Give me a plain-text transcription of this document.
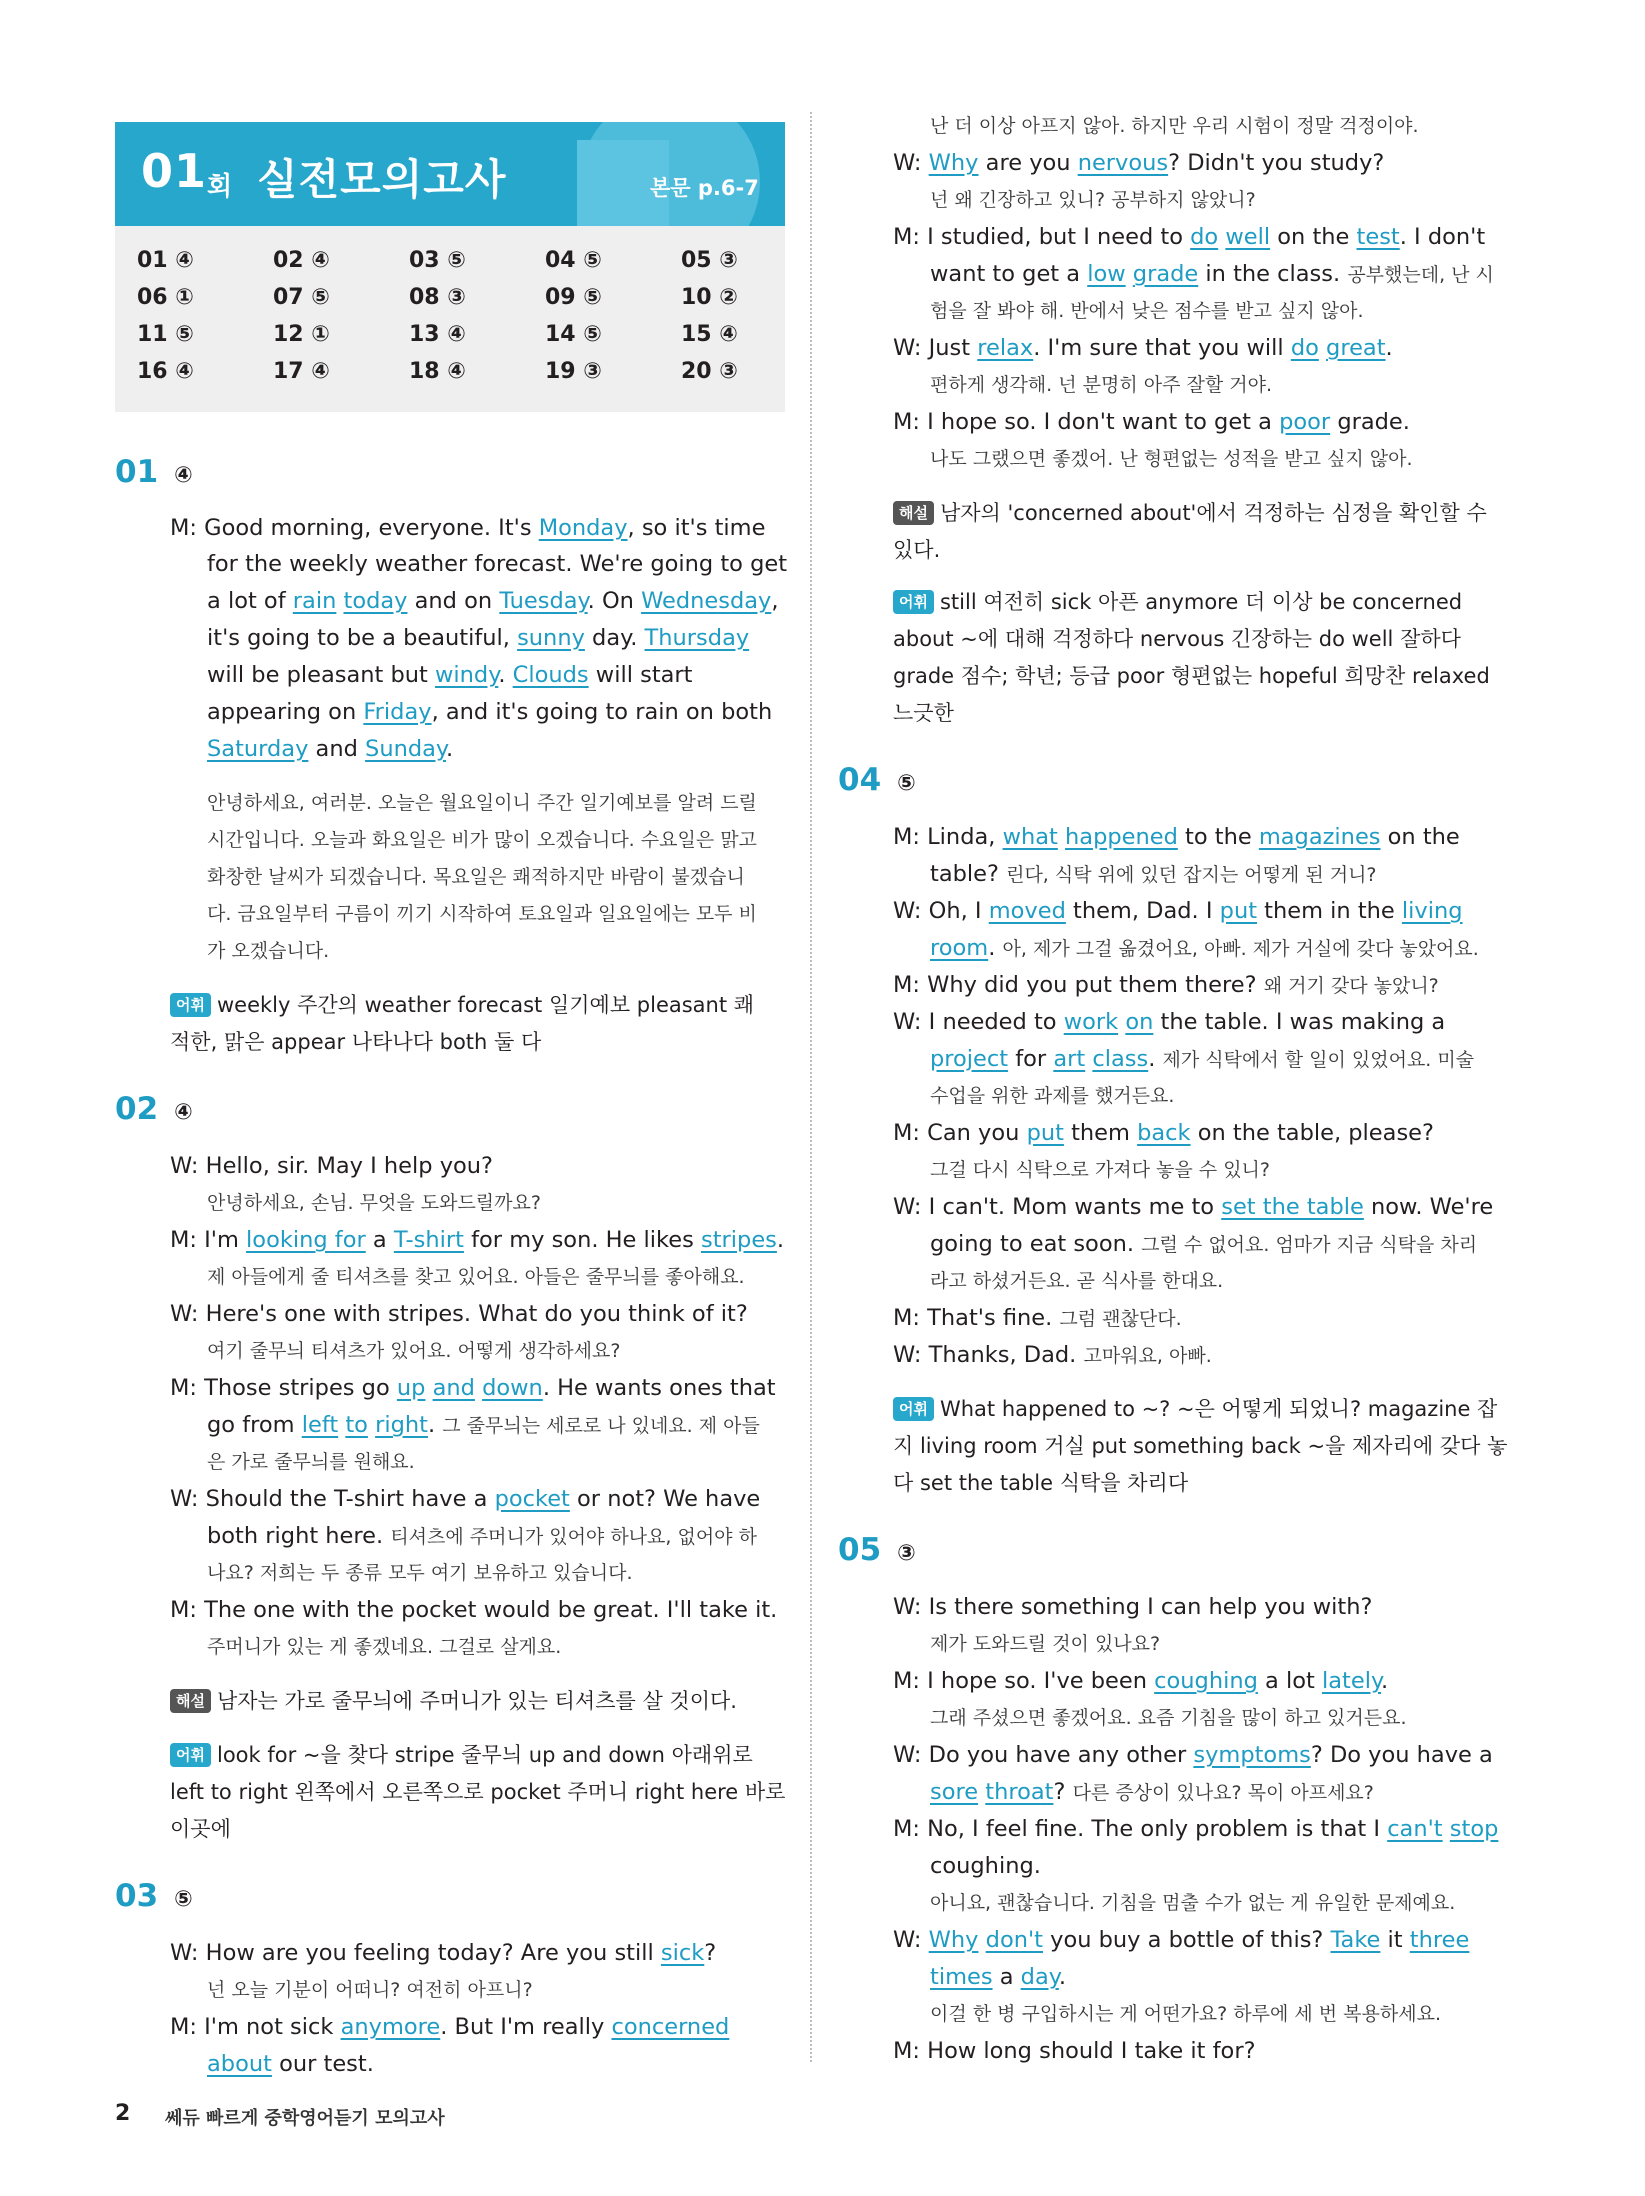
01 회 실전모의고사	본문 p.6-7
01 ④	02 ④	03 ⑤	04 ⑤	05 ③
06 ①	07 ⑤	08 ③	09 ⑤	10 ②
11 ⑤	12 ①	13 ④	14 ⑤	15 ④
16 ④	17 ④	18 ④	19 ③	20 ③
01 ④
M: Good morning, everyone. It's Monday, so it's time
for the weekly weather forecast. We're going to get
a lot of rain today and on Tuesday. On Wednesday,
it's going to be a beautiful, sunny day. Thursday
will be pleasant but windy. Clouds will start
appearing on Friday, and it's going to rain on both
Saturday and Sunday.
안녕하세요, 여러분. 오늘은 월요일이니 주간 일기예보를 알려 드릴
시간입니다. 오늘과 화요일은 비가 많이 오겠습니다. 수요일은 맑고
화창한 날씨가 되겠습니다. 목요일은 쾌적하지만 바람이 불겠습니
다. 금요일부터 구름이 끼기 시작하여 토요일과 일요일에는 모두 비
가 오겠습니다.
어휘 weekly 주간의 weather forecast 일기예보 pleasant 쾌
적한, 맑은 appear 나타나다 both 둘 다
02 ④
W: Hello, sir. May I help you?
안녕하세요, 손님. 무엇을 도와드릴까요?
M: I'm looking for a T-shirt for my son. He likes stripes.
제 아들에게 줄 티셔츠를 찾고 있어요. 아들은 줄무늬를 좋아해요.
W: Here's one with stripes. What do you think of it?
여기 줄무늬 티셔츠가 있어요. 어떻게 생각하세요?
M: Those stripes go up and down. He wants ones that
go from left to right. 그 줄무늬는 세로로 나 있네요. 제 아들
은 가로 줄무늬를 원해요.
W: Should the T-shirt have a pocket or not? We have
both right here. 티셔츠에 주머니가 있어야 하나요, 없어야 하
나요? 저희는 두 종류 모두 여기 보유하고 있습니다.
M: The one with the pocket would be great. I'll take it.
주머니가 있는 게 좋겠네요. 그걸로 살게요.
해설 남자는 가로 줄무늬에 주머니가 있는 티셔츠를 살 것이다.
어휘 look for ~을 찾다 stripe 줄무늬 up and down 아래위로
left to right 왼쪽에서 오른쪽으로 pocket 주머니 right here 바로
이곳에
03 ⑤
W: How are you feeling today? Are you still sick?
넌 오늘 기분이 어떠니? 여전히 아프니?
M: I'm not sick anymore. But I'm really concerned
about our test.
난 더 이상 아프지 않아. 하지만 우리 시험이 정말 걱정이야.
W: Why are you nervous? Didn't you study?
넌 왜 긴장하고 있니? 공부하지 않았니?
M: I studied, but I need to do well on the test. I don't
want to get a low grade in the class. 공부했는데, 난 시
험을 잘 봐야 해. 반에서 낮은 점수를 받고 싶지 않아.
W: Just relax. I'm sure that you will do great.
편하게 생각해. 넌 분명히 아주 잘할 거야.
M: I hope so. I don't want to get a poor grade.
나도 그랬으면 좋겠어. 난 형편없는 성적을 받고 싶지 않아.
해설 남자의 'concerned about'에서 걱정하는 심정을 확인할 수
있다.
어휘 still 여전히 sick 아픈 anymore 더 이상 be concerned
about ~에 대해 걱정하다 nervous 긴장하는 do well 잘하다
grade 점수; 학년; 등급 poor 형편없는 hopeful 희망찬 relaxed
느긋한
04 ⑤
M: Linda, what happened to the magazines on the
table? 린다, 식탁 위에 있던 잡지는 어떻게 된 거니?
W: Oh, I moved them, Dad. I put them in the living
room. 아, 제가 그걸 옮겼어요, 아빠. 제가 거실에 갖다 놓았어요.
M: Why did you put them there? 왜 거기 갖다 놓았니?
W: I needed to work on the table. I was making a
project for art class. 제가 식탁에서 할 일이 있었어요. 미술
수업을 위한 과제를 했거든요.
M: Can you put them back on the table, please?
그걸 다시 식탁으로 가져다 놓을 수 있니?
W: I can't. Mom wants me to set the table now. We're
going to eat soon. 그럴 수 없어요. 엄마가 지금 식탁을 차리
라고 하셨거든요. 곧 식사를 한대요.
M: That's fine. 그럼 괜찮단다.
W: Thanks, Dad. 고마워요, 아빠.
어휘 What happened to ~? ~은 어떻게 되었니? magazine 잡
지 living room 거실 put something back ~을 제자리에 갖다 놓
다 set the table 식탁을 차리다
05 ③
W: Is there something I can help you with?
제가 도와드릴 것이 있나요?
M: I hope so. I've been coughing a lot lately.
그래 주셨으면 좋겠어요. 요즘 기침을 많이 하고 있거든요.
W: Do you have any other symptoms? Do you have a
sore throat? 다른 증상이 있나요? 목이 아프세요?
M: No, I feel fine. The only problem is that I can't stop
coughing.
아니요, 괜찮습니다. 기침을 멈출 수가 없는 게 유일한 문제예요.
W: Why don't you buy a bottle of this? Take it three
times a day.
이걸 한 병 구입하시는 게 어떤가요? 하루에 세 번 복용하세요.
M: How long should I take it for?
2 쎄듀 빠르게 중학영어듣기 모의고사
